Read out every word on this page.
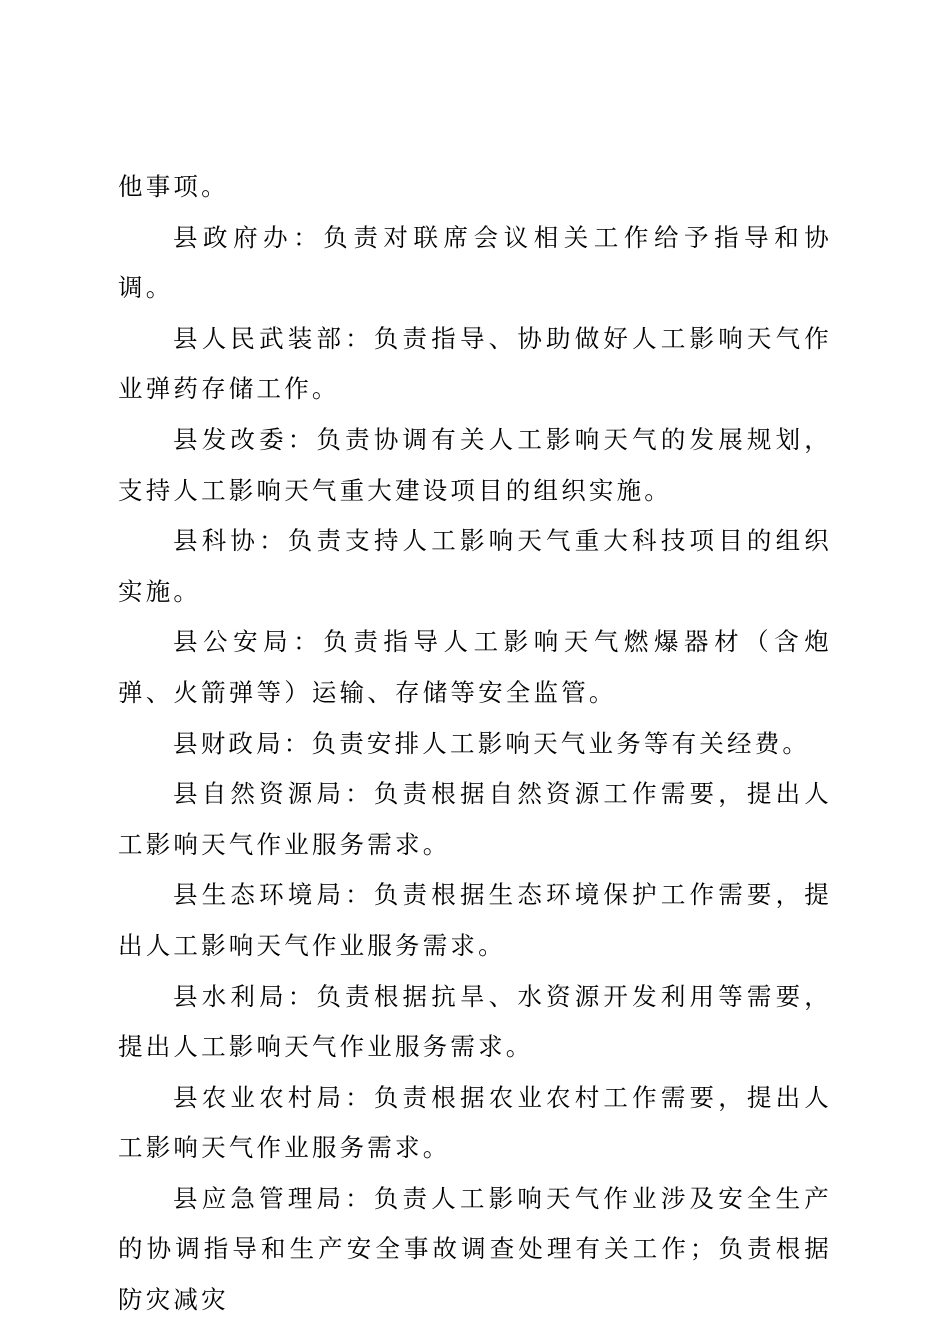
他事项。

县政府办：负责对联席会议相关工作给予指导和协调。

县人民武装部：负责指导、协助做好人工影响天气作业弹药存储工作。

县发改委：负责协调有关人工影响天气的发展规划，支持人工影响天气重大建设项目的组织实施。

县科协：负责支持人工影响天气重大科技项目的组织实施。

县公安局：负责指导人工影响天气燃爆器材（含炮弹、火箭弹等）运输、存储等安全监管。

县财政局：负责安排人工影响天气业务等有关经费。

县自然资源局：负责根据自然资源工作需要，提出人工影响天气作业服务需求。

县生态环境局：负责根据生态环境保护工作需要，提出人工影响天气作业服务需求。

县水利局：负责根据抗旱、水资源开发利用等需要，提出人工影响天气作业服务需求。

县农业农村局：负责根据农业农村工作需要，提出人工影响天气作业服务需求。

县应急管理局：负责人工影响天气作业涉及安全生产的协调指导和生产安全事故调查处理有关工作；负责根据防灾减灾
